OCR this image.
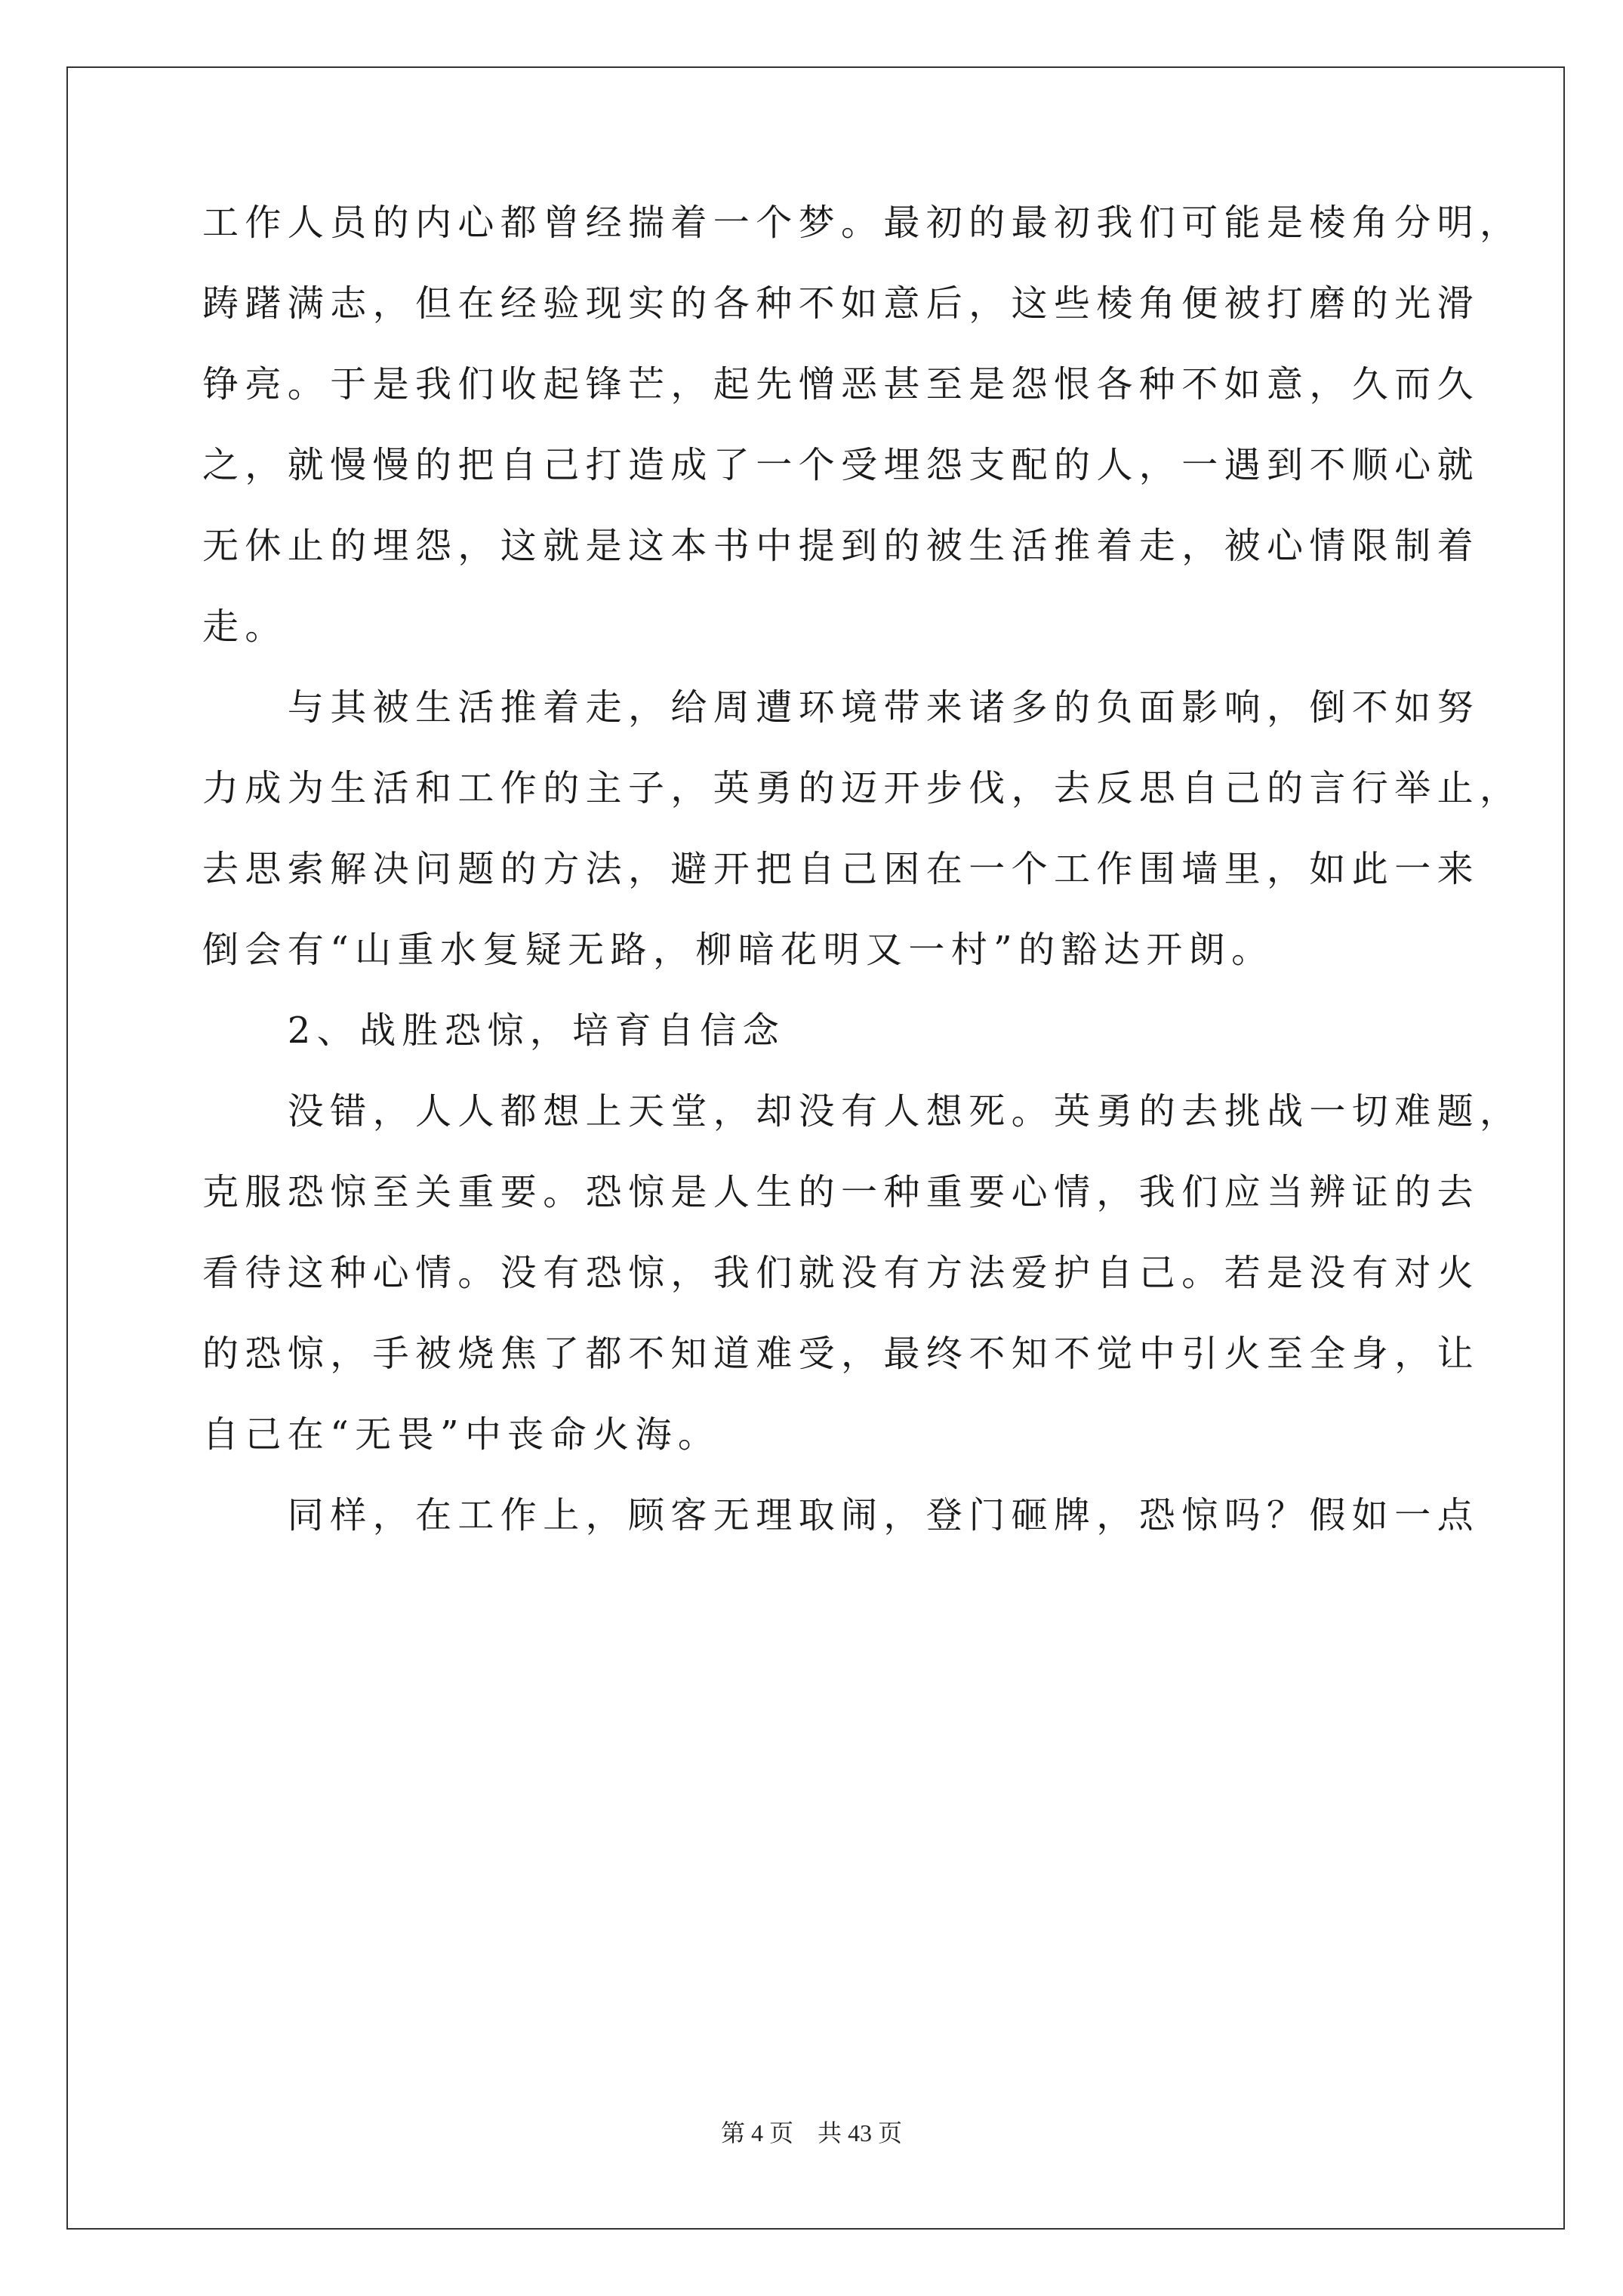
工作人员的内心都曾经揣着一个梦。最初的最初我们可能是棱角分明，
踌躇满志，但在经验现实的各种不如意后，这些棱角便被打磨的光滑
铮亮。于是我们收起锋芒，起先憎恶甚至是怨恨各种不如意，久而久
之，就慢慢的把自己打造成了一个受埋怨支配的人，一遇到不顺心就
无休止的埋怨，这就是这本书中提到的被生活推着走，被心情限制着
走。
　　与其被生活推着走，给周遭环境带来诸多的负面影响，倒不如努
力成为生活和工作的主子，英勇的迈开步伐，去反思自己的言行举止，
去思索解决问题的方法，避开把自己困在一个工作围墙里，如此一来
倒会有“山重水复疑无路，柳暗花明又一村”的豁达开朗。
　　2、战胜恐惊，培育自信念
　　没错，人人都想上天堂，却没有人想死。英勇的去挑战一切难题，
克服恐惊至关重要。恐惊是人生的一种重要心情，我们应当辨证的去
看待这种心情。没有恐惊，我们就没有方法爱护自己。若是没有对火
的恐惊，手被烧焦了都不知道难受，最终不知不觉中引火至全身，让
自己在“无畏”中丧命火海。
　　同样，在工作上，顾客无理取闹，登门砸牌，恐惊吗？假如一点
第 4 页    共 43 页
